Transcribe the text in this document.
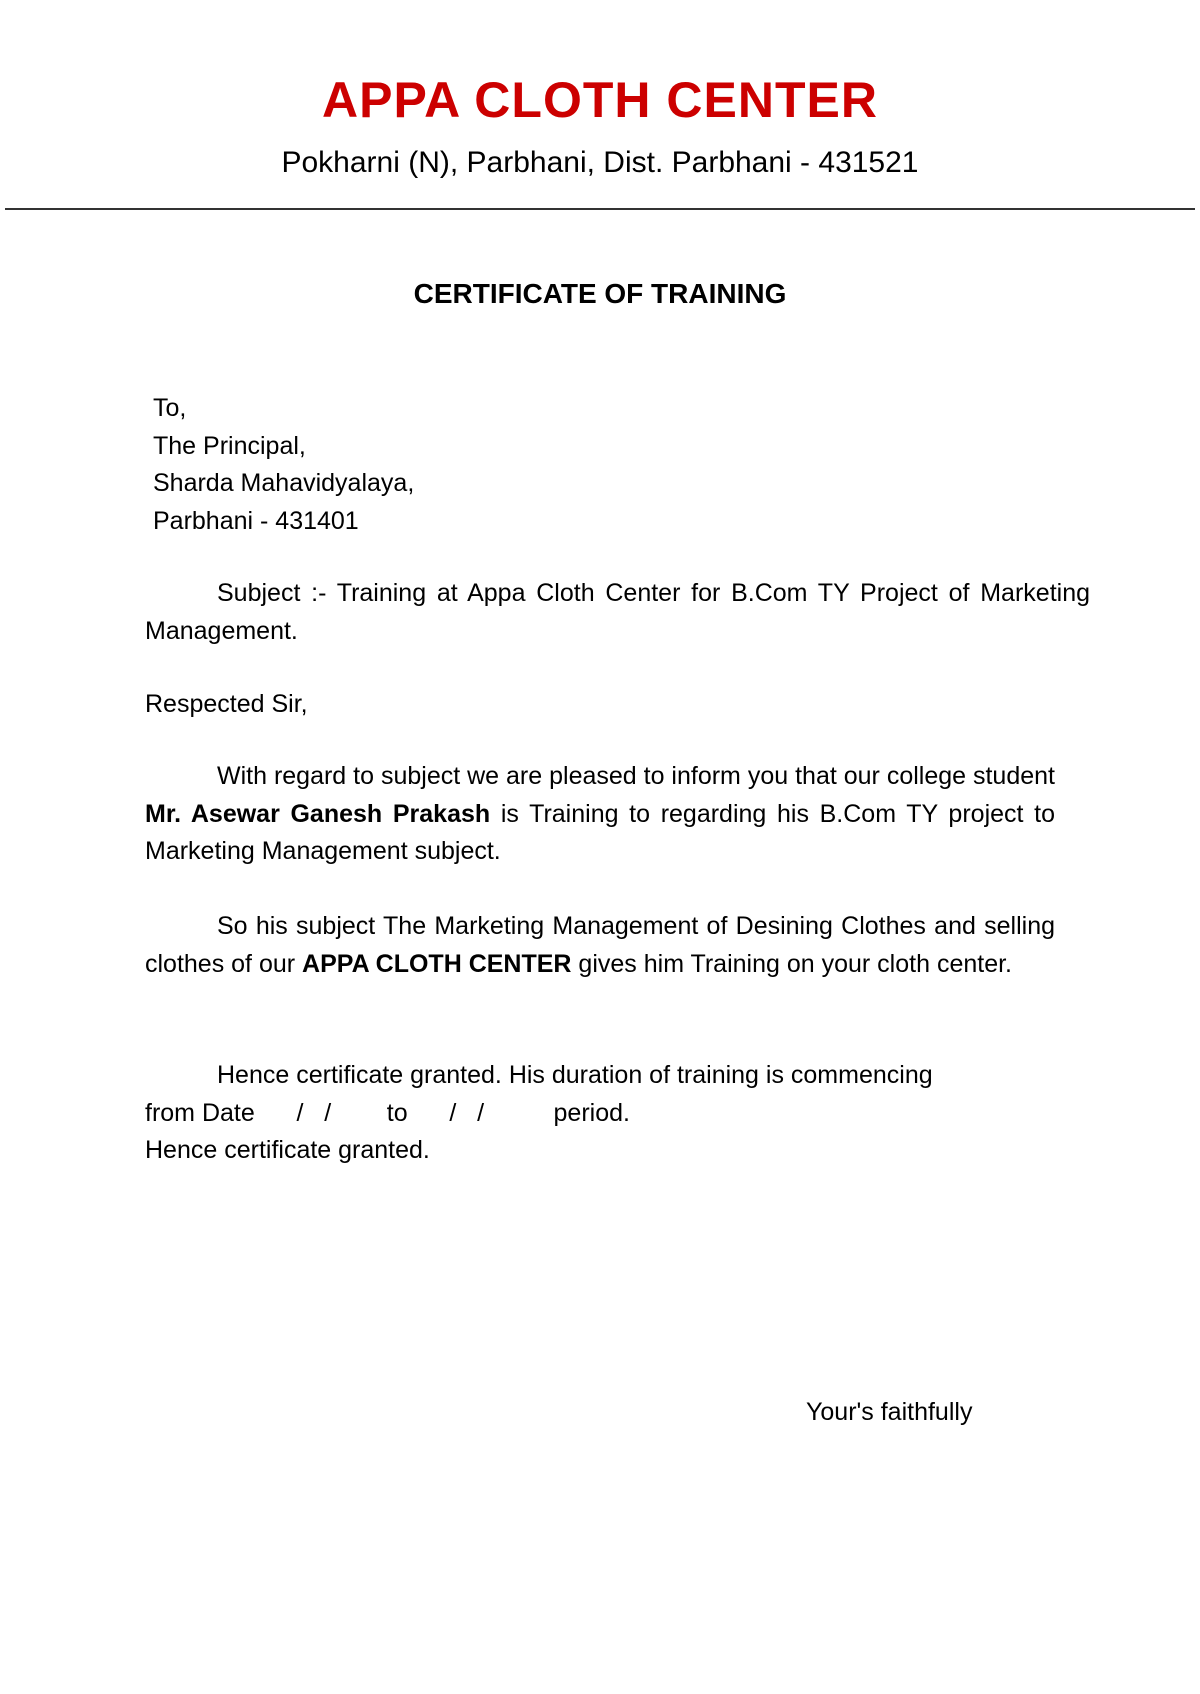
APPA CLOTH CENTER
Pokharni (N), Parbhani, Dist. Parbhani - 431521
CERTIFICATE OF TRAINING
To,
The Principal,
Sharda Mahavidyalaya,
Parbhani - 431401
Subject :- Training at Appa Cloth Center for B.Com TY Project of Marketing Management.
Respected Sir,
With regard to subject we are pleased to inform you that our college student Mr. Asewar Ganesh Prakash is Training to regarding his B.Com TY project to Marketing Management subject.
So his subject The Marketing Management of Desining Clothes and selling clothes of our APPA CLOTH CENTER gives him Training on your cloth center.
Hence certificate granted. His duration of training is commencing
from Date /   / to /   /	period.
Hence certificate granted.
Your's faithfully
